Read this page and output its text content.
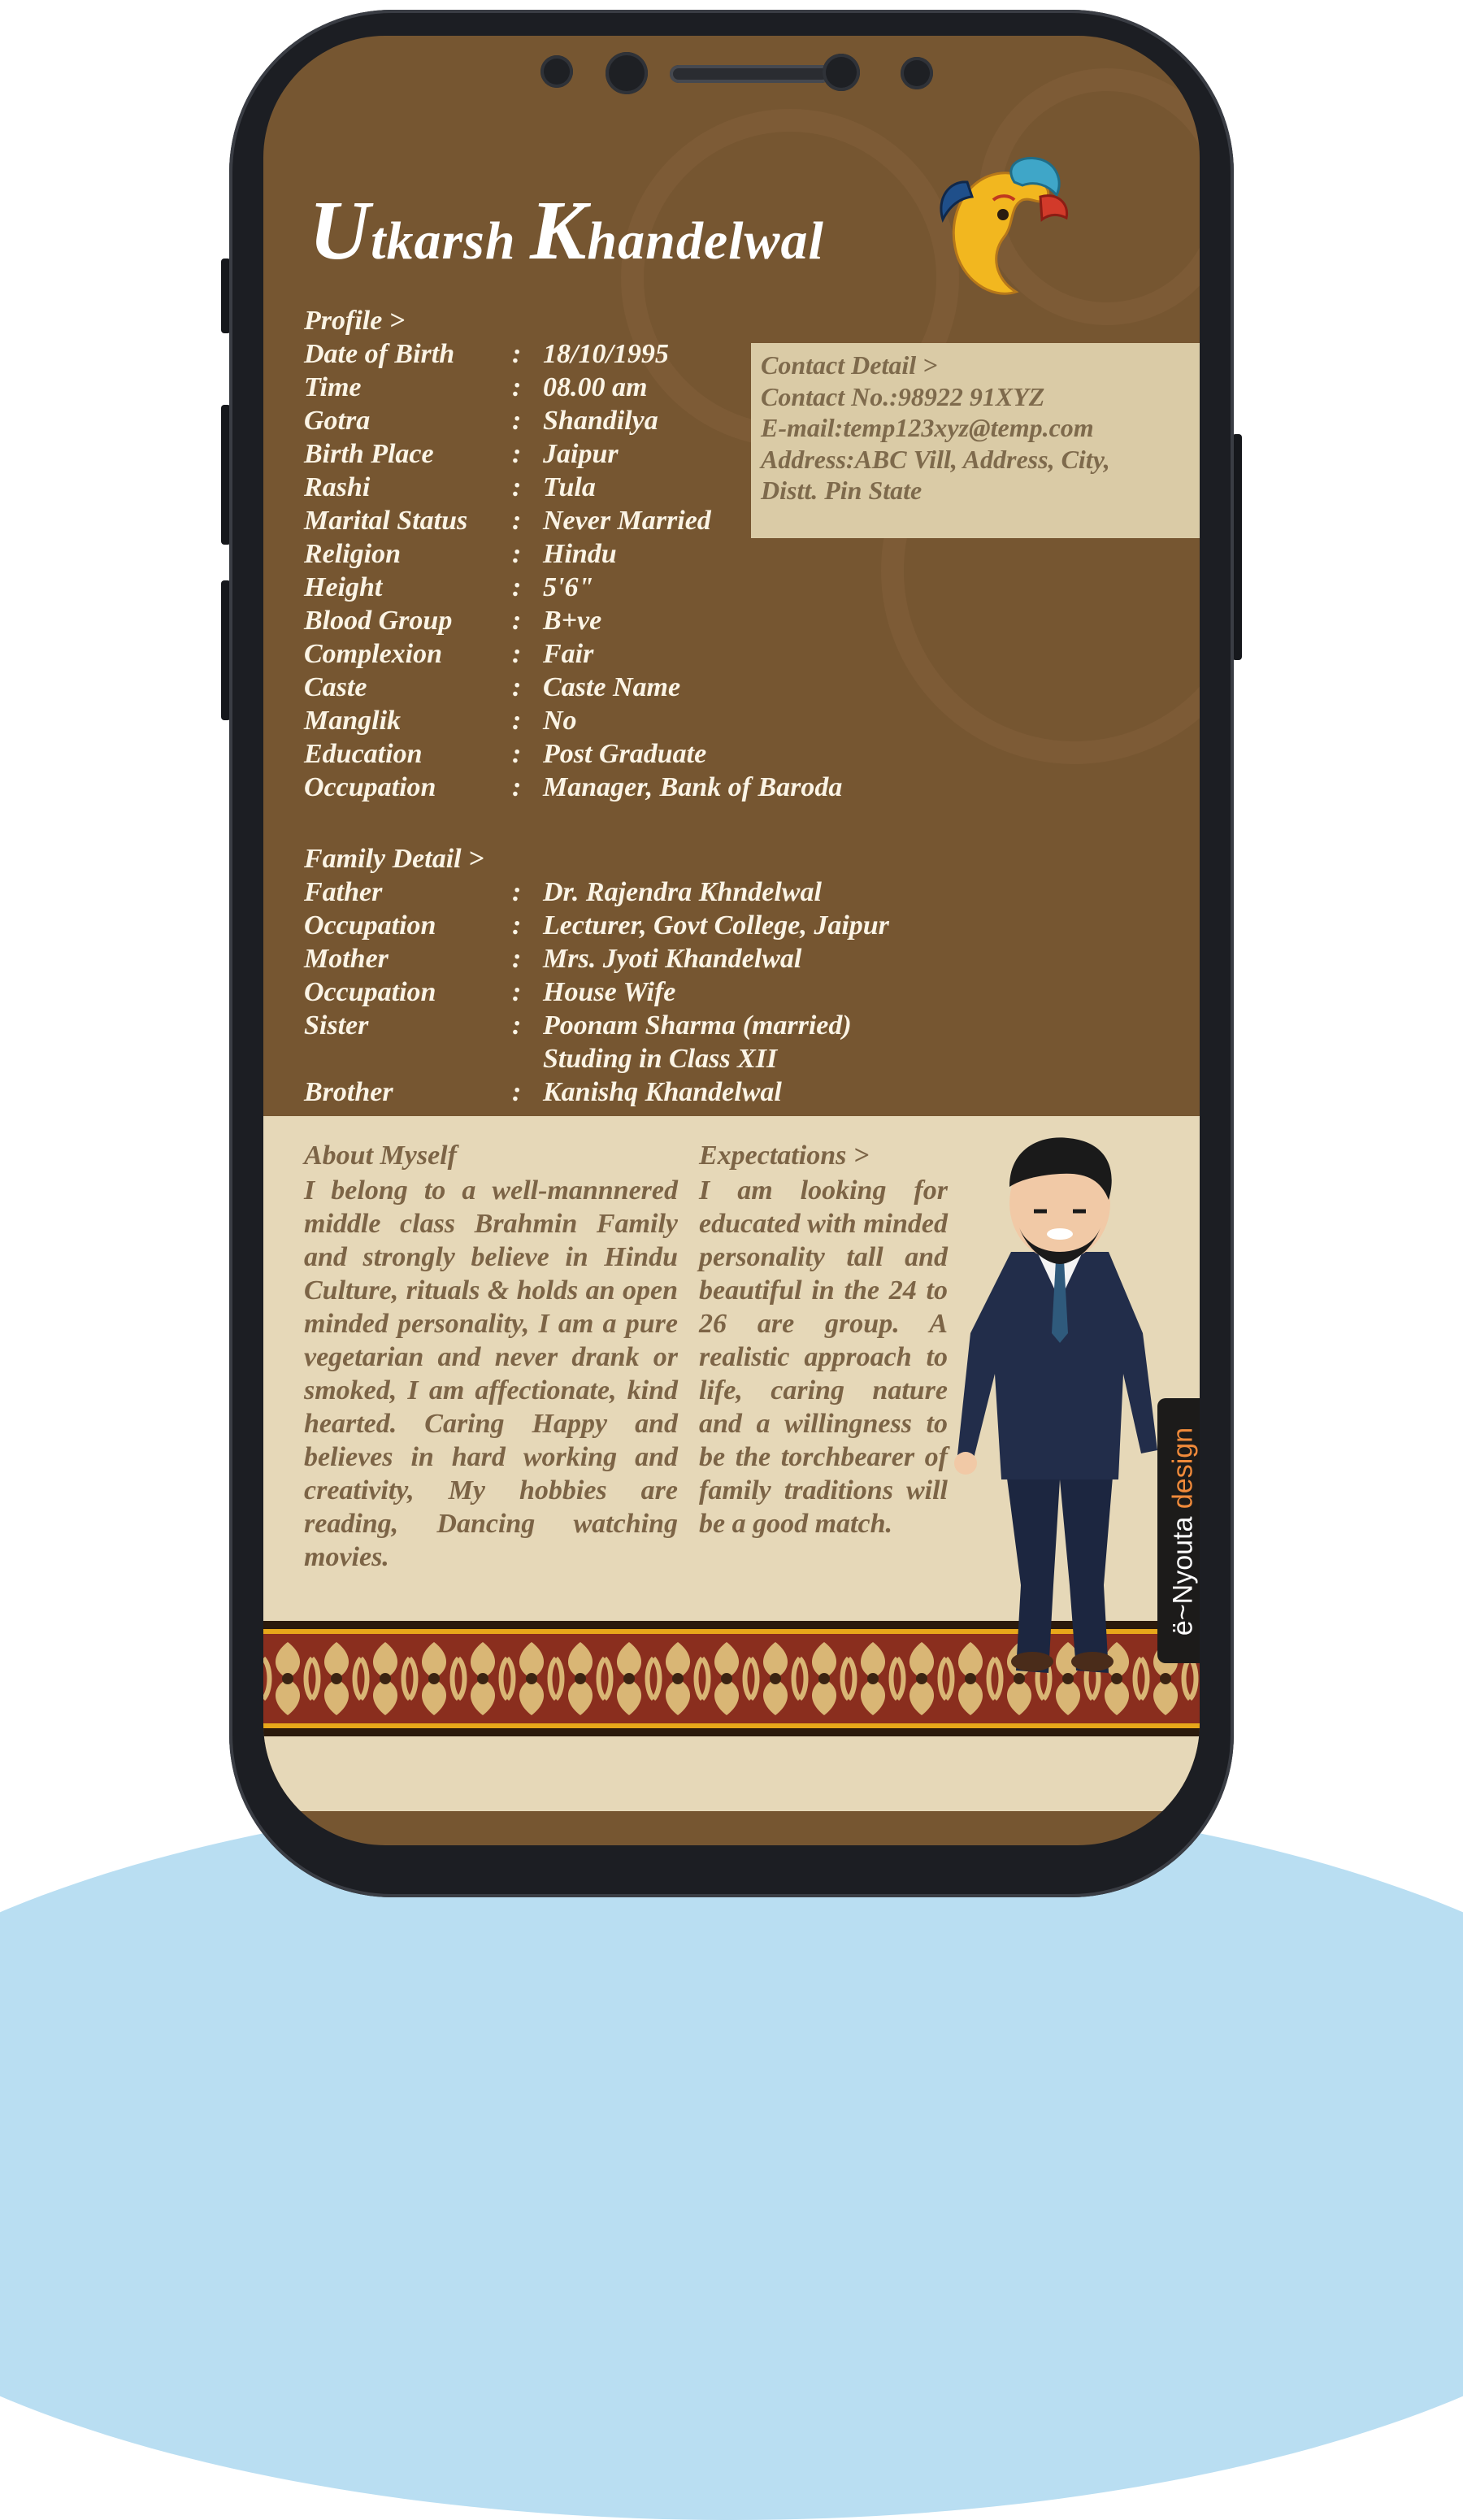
Utkarsh Khandelwal
Profile >
Date of Birth : 18/10/1995
Time	: 08.00 am
Gotra	: Shandilya
Birth Place	: Jaipur
Rashi	: Tula
Marital Status : Never Married
Religion	: Hindu
Height	: 5'6"
Blood Group : B+ve
Complexion	: Fair
Caste	: Caste Name
Manglik	: No
Education	: Post Graduate
Occupation	: Manager, Bank of Baroda
Contact Detail >
Contact No.:98922 91XYZ
E-mail:temp123xyz@temp.com
Address:ABC Vill, Address, City,
Distt. Pin State
Family Detail >
Father	: Dr. Rajendra Khndelwal
Occupation	: Lecturer, Govt College, Jaipur
Mother	: Mrs. Jyoti Khandelwal
Occupation	: House Wife
Sister	: Poonam Sharma (married)
Studing in Class XII
Brother	: Kanishq Khandelwal
About Myself

I belong to a well-mannnered middle class Brahmin Family and strongly believe in Hindu Culture, rituals & holds an open minded personality, I am a pure vegetarian and never drank or smoked, I am affectionate, kind hearted. Caring Happy and believes in hard working and creativity, My hobbies are reading, Dancing watching movies.

Expectations >

I am looking for educated with minded personality tall and beautiful in the 24 to 26 are group. A realistic approach to life, caring nature and a willingness to be the torchbearer of family traditions will be a good match.	ë~Nyouta design
